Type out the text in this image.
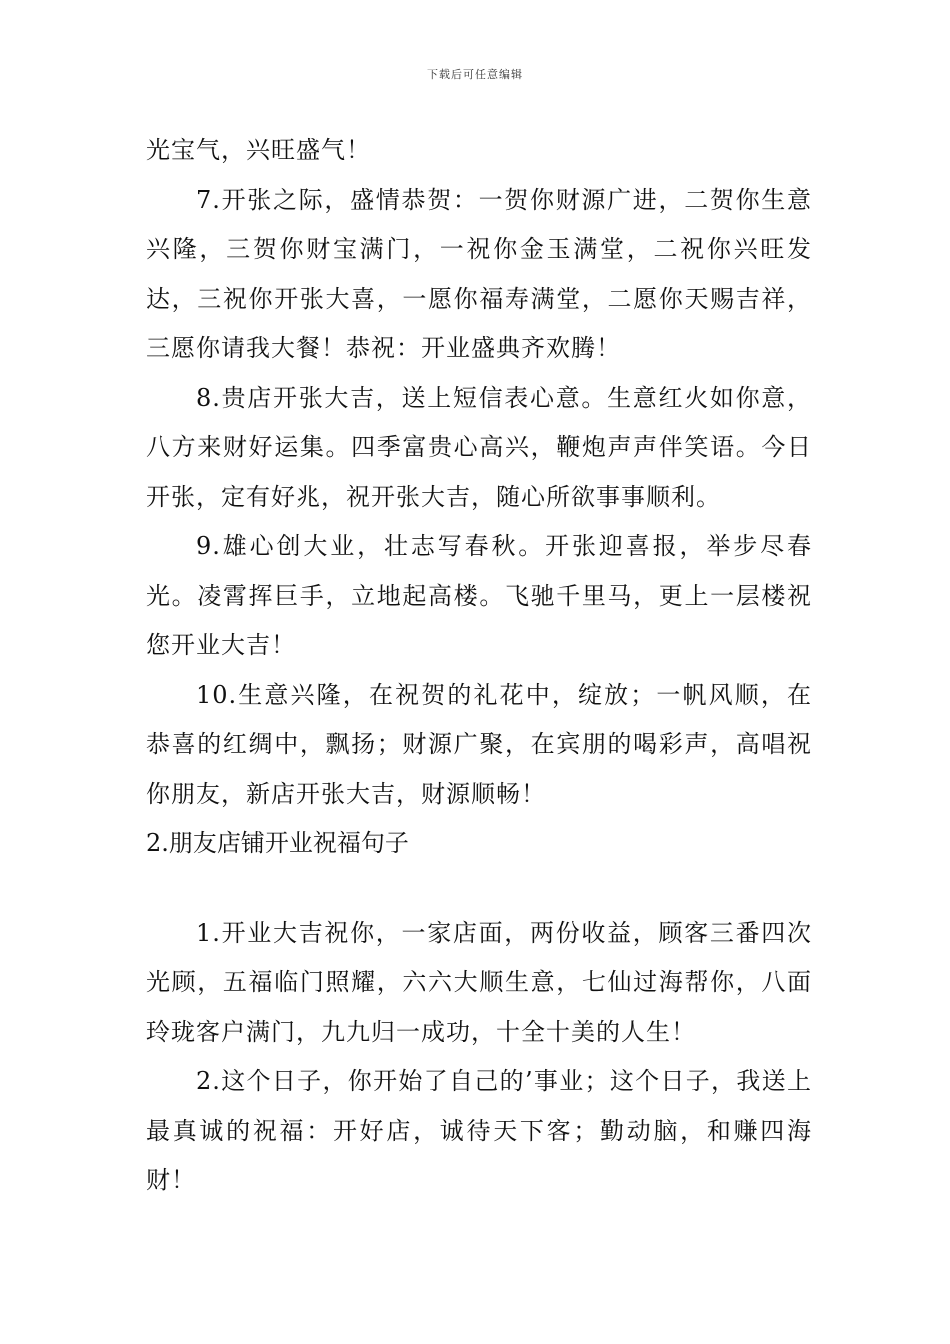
下载后可任意编辑

光宝气，兴旺盛气！

7.开张之际，盛情恭贺：一贺你财源广进，二贺你生意兴隆，三贺你财宝满门，一祝你金玉满堂，二祝你兴旺发达，三祝你开张大喜，一愿你福寿满堂，二愿你天赐吉祥，三愿你请我大餐！恭祝：开业盛典齐欢腾！

8.贵店开张大吉，送上短信表心意。生意红火如你意，八方来财好运集。四季富贵心高兴，鞭炮声声伴笑语。今日开张，定有好兆，祝开张大吉，随心所欲事事顺利。

9.雄心创大业，壮志写春秋。开张迎喜报，举步尽春光。凌霄挥巨手，立地起高楼。飞驰千里马，更上一层楼祝您开业大吉！

10.生意兴隆，在祝贺的礼花中，绽放；一帆风顺，在恭喜的红绸中，飘扬；财源广聚，在宾朋的喝彩声，高唱祝你朋友，新店开张大吉，财源顺畅！

2.朋友店铺开业祝福句子

1.开业大吉祝你，一家店面，两份收益，顾客三番四次光顾，五福临门照耀，六六大顺生意，七仙过海帮你，八面玲珑客户满门，九九归一成功，十全十美的人生！

2.这个日子，你开始了自己的’事业；这个日子，我送上最真诚的祝福：开好店，诚待天下客；勤动脑，和赚四海财！
